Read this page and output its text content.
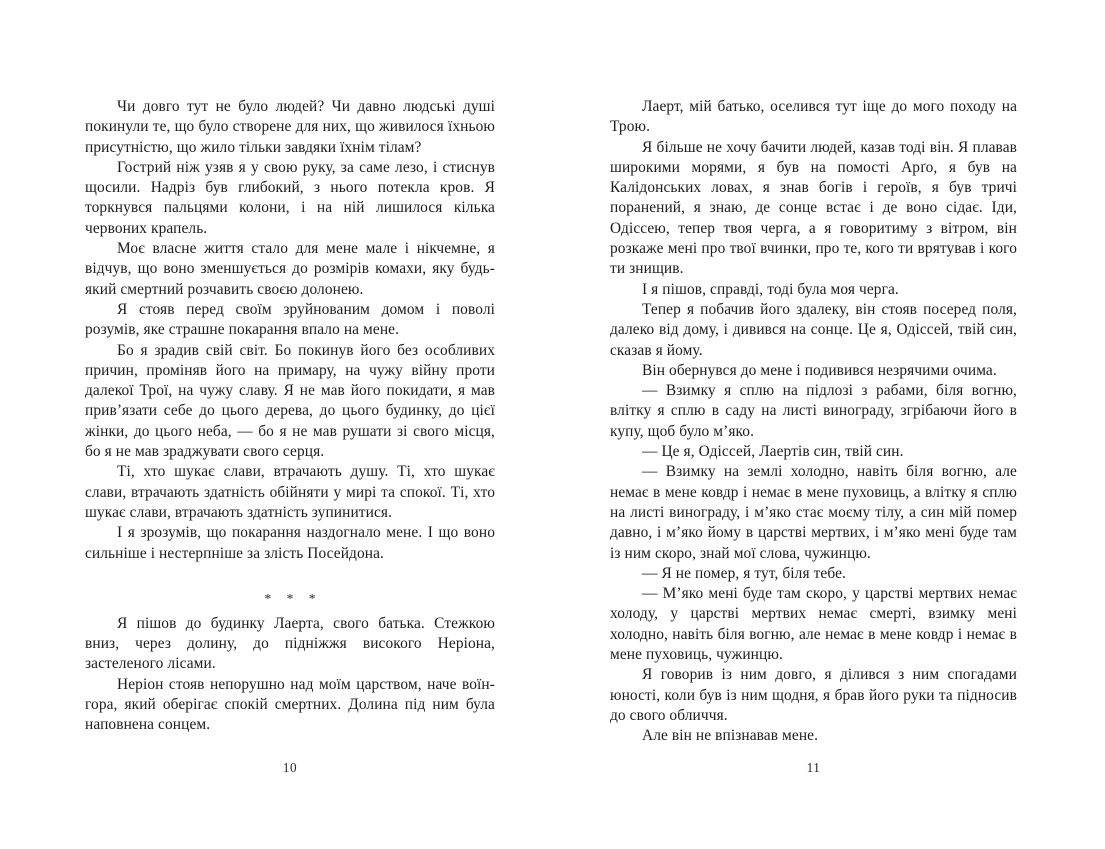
Чи довго тут не було людей? Чи давно людські душі покинули те, що було створене для них, що живилося їхньою присутністю, що жило тільки завдяки їхнім тілам?

Гострий ніж узяв я у свою руку, за саме лезо, і стиснув щосили. Надріз був глибокий, з нього потекла кров. Я торкнувся пальцями колони, і на ній лишилося кілька червоних крапель.

Моє власне життя стало для мене мале і нікчемне, я відчув, що воно зменшується до розмірів комахи, яку будь-який смертний розчавить своєю долонею.

Я стояв перед своїм зруйнованим домом і поволі розумів, яке страшне покарання впало на мене.

Бо я зрадив свій світ. Бо покинув його без особливих причин, проміняв його на примару, на чужу війну проти далекої Трої, на чужу славу. Я не мав його покидати, я мав прив’язати себе до цього дерева, до цього будинку, до цієї жінки, до цього неба, — бо я не мав рушати зі свого місця, бо я не мав зраджувати свого серця.

Ті, хто шукає слави, втрачають душу. Ті, хто шукає слави, втрачають здатність обійняти у мирі та спокої. Ті, хто шукає слави, втрачають здатність зупинитися.

І я зрозумів, що покарання наздогнало мене. І що воно сильніше і нестерпніше за злість Посейдона.

* * *

Я пішов до будинку Лаерта, свого батька. Стежкою вниз, через долину, до підніжжя високого Неріона, застеленого лісами.

Неріон стояв непорушно над моїм царством, наче воїн-гора, який оберігає спокій смертних. Долина під ним була наповнена сонцем.

Лаерт, мій батько, оселився тут іще до мого походу на Трою.

Я більше не хочу бачити людей, казав тоді він. Я плавав широкими морями, я був на помості Арґо, я був на Калідонських ловах, я знав богів і героїв, я був тричі поранений, я знаю, де сонце встає і де воно сідає. Іди, Одіссею, тепер твоя черга, а я говоритиму з вітром, він розкаже мені про твої вчинки, про те, кого ти врятував і кого ти знищив.

І я пішов, справді, тоді була моя черга.

Тепер я побачив його здалеку, він стояв посеред поля, далеко від дому, і дивився на сонце. Це я, Одіссей, твій син, сказав я йому.

Він обернувся до мене і подивився незрячими очима.

— Взимку я сплю на підлозі з рабами, біля вогню, влітку я сплю в саду на листі винограду, згрібаючи його в купу, щоб було м’яко.

— Це я, Одіссей, Лаертів син, твій син.

— Взимку на землі холодно, навіть біля вогню, але немає в мене ковдр і немає в мене пуховиць, а влітку я сплю на листі винограду, і м’яко стає моєму тілу, а син мій помер давно, і м’яко йому в царстві мертвих, і м’яко мені буде там із ним скоро, знай мої слова, чужинцю.

— Я не помер, я тут, біля тебе.

— М’яко мені буде там скоро, у царстві мертвих немає холоду, у царстві мертвих немає смерті, взимку мені холодно, навіть біля вогню, але немає в мене ковдр і немає в мене пуховиць, чужинцю.

Я говорив із ним довго, я ділився з ним спогадами юності, коли був із ним щодня, я брав його руки та підносив до свого обличчя.

Але він не впізнавав мене.

10	11
